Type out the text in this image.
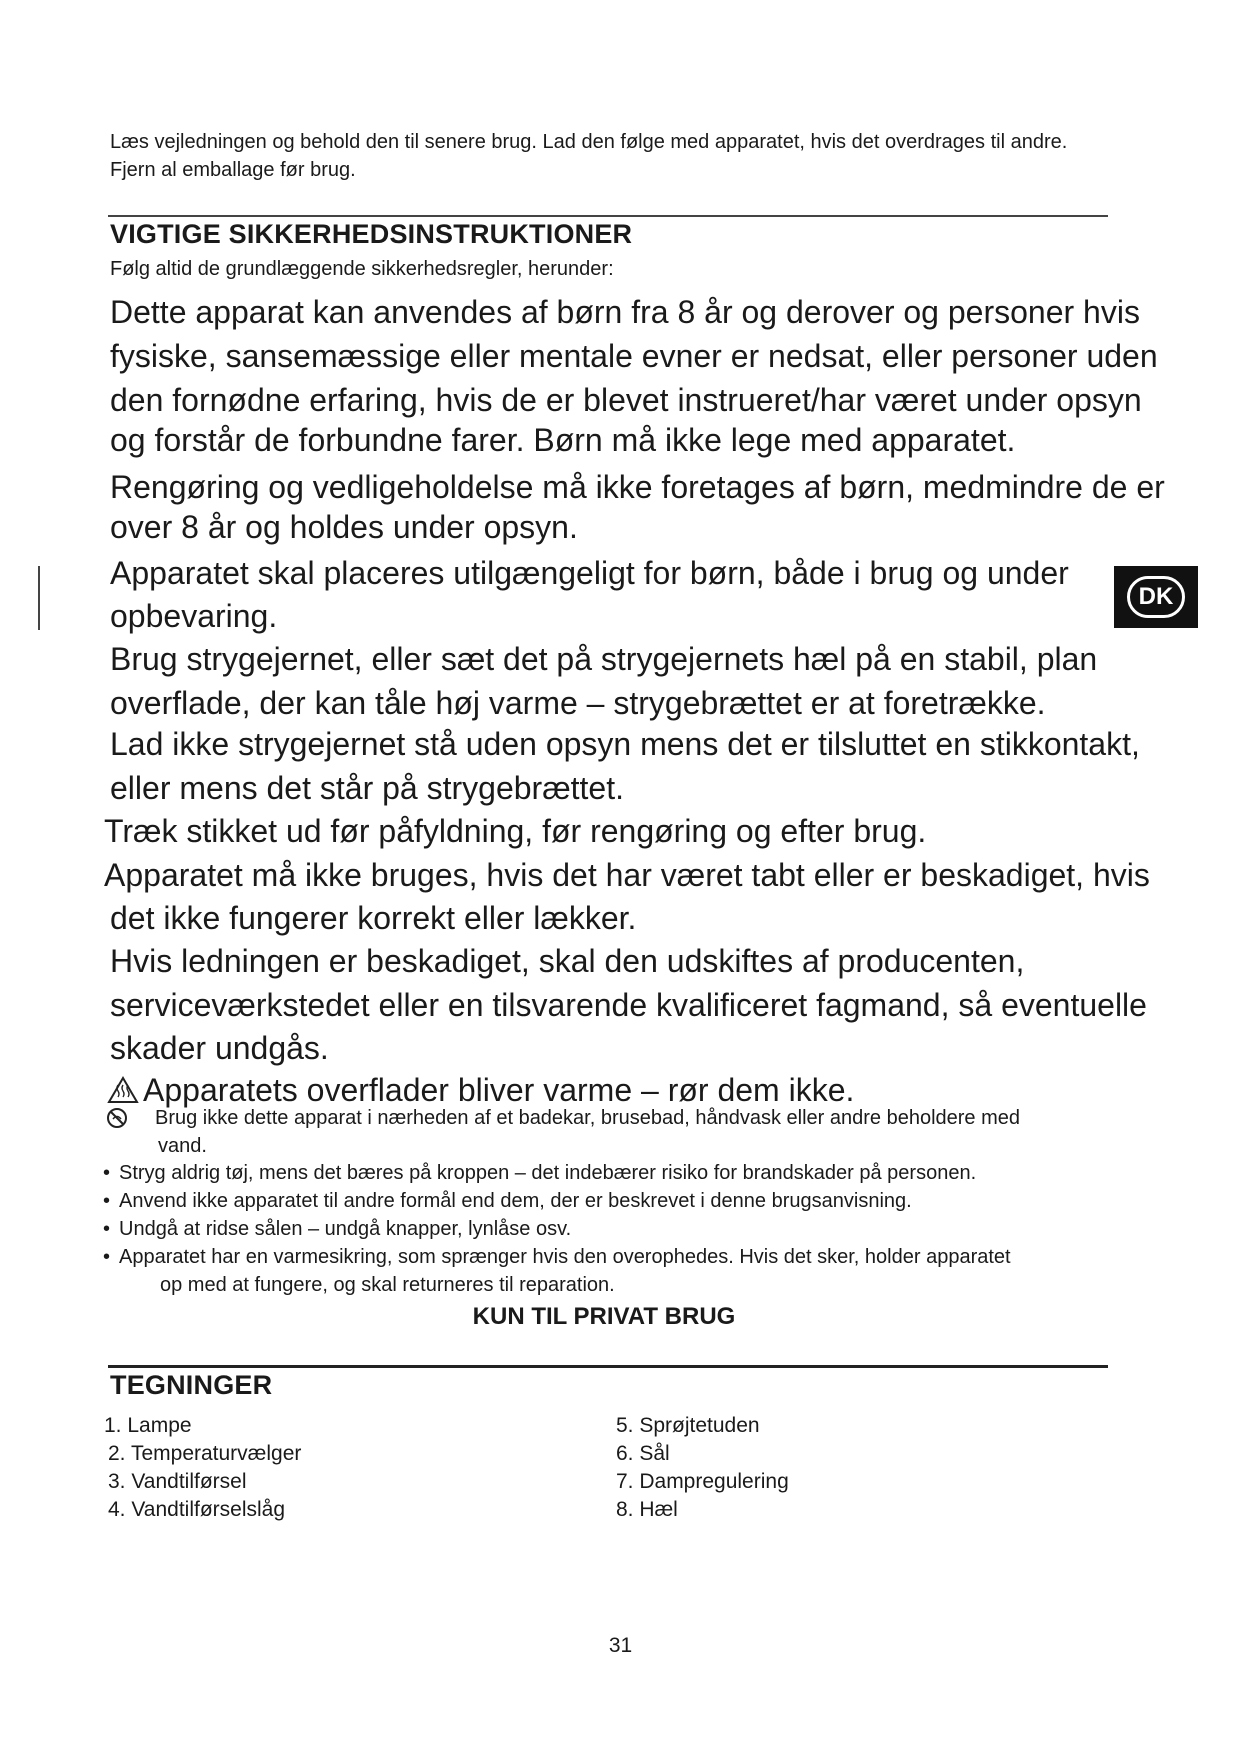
Læs vejledningen og behold den til senere brug. Lad den følge med apparatet, hvis det overdrages til andre. Fjern al emballage før brug.

VIGTIGE SIKKERHEDSINSTRUKTIONER

Følg altid de grundlæggende sikkerhedsregler, herunder:

Dette apparat kan anvendes af børn fra 8 år og derover og personer hvis

fysiske, sansemæssige eller mentale evner er nedsat, eller personer uden

den fornødne erfaring, hvis de er blevet instrueret/har været under opsyn

og forstår de forbundne farer. Børn må ikke lege med apparatet.

Rengøring og vedligeholdelse må ikke foretages af børn, medmindre de er

over 8 år og holdes under opsyn.

Apparatet skal placeres utilgængeligt for børn, både i brug og under

opbevaring.

Brug strygejernet, eller sæt det på strygejernets hæl på en stabil, plan

overflade, der kan tåle høj varme – strygebrættet er at foretrække.

Lad ikke strygejernet stå uden opsyn mens det er tilsluttet en stikkontakt,

eller mens det står på strygebrættet.

Træk stikket ud før påfyldning, før rengøring og efter brug.

Apparatet må ikke bruges, hvis det har været tabt eller er beskadiget, hvis

det ikke fungerer korrekt eller lækker.

Hvis ledningen er beskadiget, skal den udskiftes af producenten,

serviceværkstedet eller en tilsvarende kvalificeret fagmand, så eventuelle

skader undgås.

Apparatets overflader bliver varme – rør dem ikke.

Brug ikke dette apparat i nærheden af et badekar, brusebad, håndvask eller andre beholdere med

vand.

• Stryg aldrig tøj, mens det bæres på kroppen – det indebærer risiko for brandskader på personen.

• Anvend ikke apparatet til andre formål end dem, der er beskrevet i denne brugsanvisning.

• Undgå at ridse sålen – undgå knapper, lynlåse osv.

• Apparatet har en varmesikring, som sprænger hvis den overophedes. Hvis det sker, holder apparatet

op med at fungere, og skal returneres til reparation.

KUN TIL PRIVAT BRUG

TEGNINGER

1. Lampe

2. Temperaturvælger

3. Vandtilførsel

4. Vandtilførselslåg

5. Sprøjtetuden

6. Sål

7. Dampregulering

8. Hæl

DK

31
